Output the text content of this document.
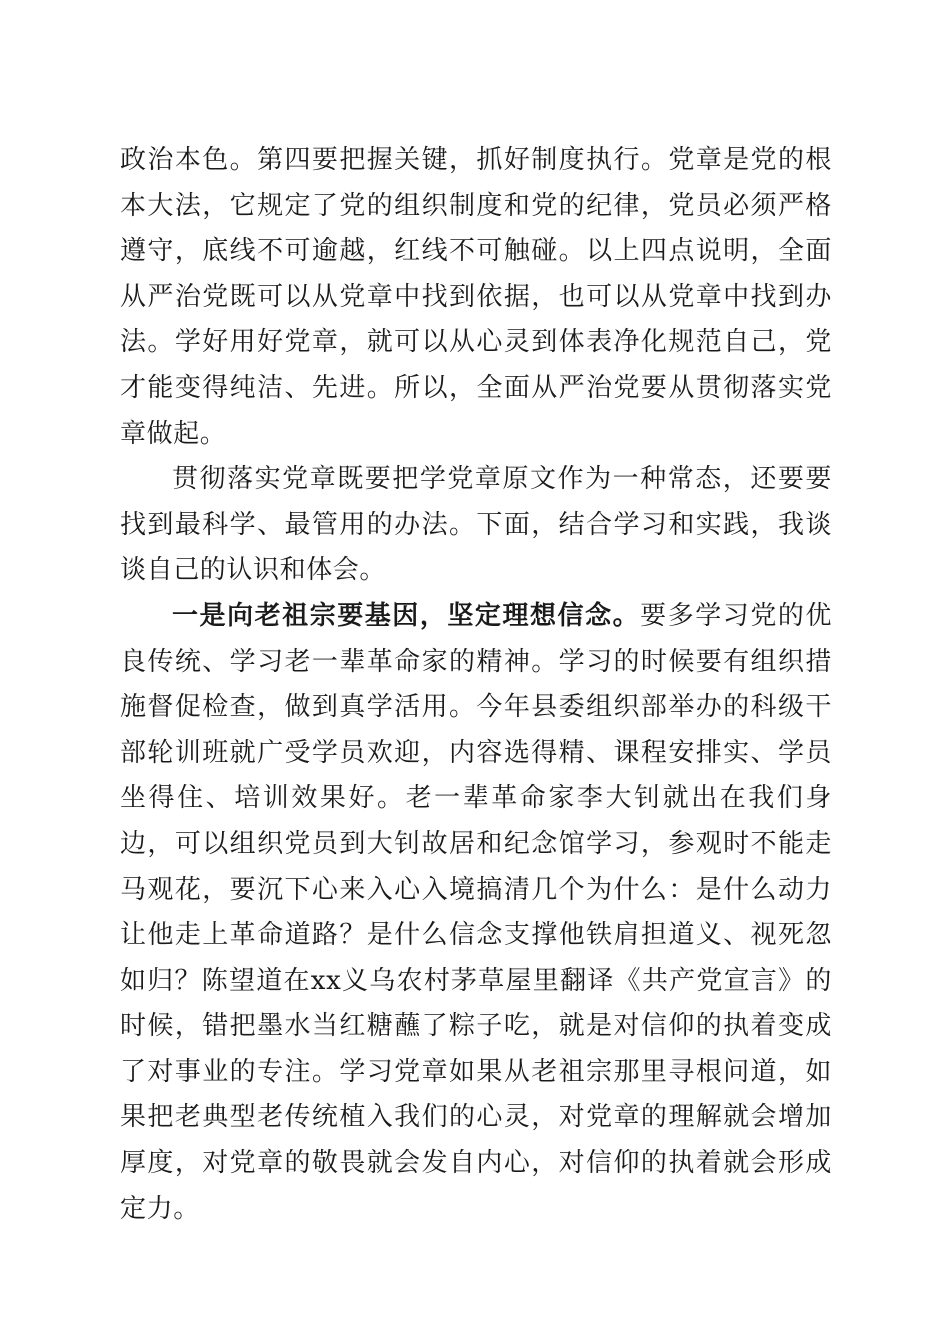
政治本色。第四要把握关键，抓好制度执行。党章是党的根本大法，它规定了党的组织制度和党的纪律，党员必须严格遵守，底线不可逾越，红线不可触碰。以上四点说明，全面从严治党既可以从党章中找到依据，也可以从党章中找到办法。学好用好党章，就可以从心灵到体表净化规范自己，党才能变得纯洁、先进。所以，全面从严治党要从贯彻落实党章做起。

贯彻落实党章既要把学党章原文作为一种常态，还要要找到最科学、最管用的办法。下面，结合学习和实践，我谈谈自己的认识和体会。

一是向老祖宗要基因，坚定理想信念。要多学习党的优良传统、学习老一辈革命家的精神。学习的时候要有组织措施督促检查，做到真学活用。今年县委组织部举办的科级干部轮训班就广受学员欢迎，内容选得精、课程安排实、学员坐得住、培训效果好。老一辈革命家李大钊就出在我们身边，可以组织党员到大钊故居和纪念馆学习，参观时不能走马观花，要沉下心来入心入境搞清几个为什么：是什么动力让他走上革命道路？是什么信念支撑他铁肩担道义、视死忽如归？陈望道在xx义乌农村茅草屋里翻译《共产党宣言》的时候，错把墨水当红糖蘸了粽子吃，就是对信仰的执着变成了对事业的专注。学习党章如果从老祖宗那里寻根问道，如果把老典型老传统植入我们的心灵，对党章的理解就会增加厚度，对党章的敬畏就会发自内心，对信仰的执着就会形成定力。
